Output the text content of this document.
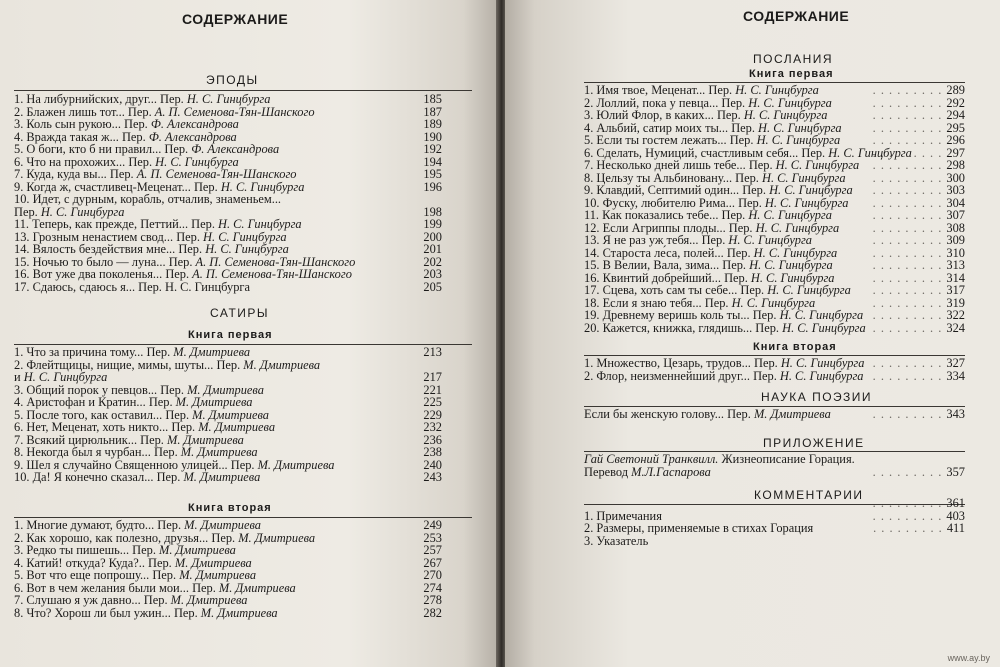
СОДЕРЖАНИЕ
ЭПОДЫ
1. На либурнийских, друг... Пер. Н. С. Гинцбурга	185
2. Блажен лишь тот... Пер. А. П. Семенова-Тян-Шанского	187
3. Коль сын рукою... Пер. Ф. Александрова	189
4. Вражда такая ж... Пер. Ф. Александрова	190
5. О боги, кто б ни правил... Пер. Ф. Александрова	192
6. Что на прохожих... Пер. Н. С. Гинцбурга	194
7. Куда, куда вы... Пер. А. П. Семенова-Тян-Шанского	195
9. Когда ж, счастливец-Меценат... Пер. Н. С. Гинцбурга	196
10. Идет, с дурным, корабль, отчалив, знаменьем...
Пер. Н. С. Гинцбурга	198
11. Теперь, как прежде, Петтий... Пер. Н. С. Гинцбурга	199
13. Грозным ненастием свод... Пер. Н. С. Гинцбурга	200
14. Вялость бездействия мне... Пер. Н. С. Гинцбурга	201
15. Ночью то было — луна... Пер. А. П. Семенова-Тян-Шанского	202
16. Вот уже два поколенья... Пер. А. П. Семенова-Тян-Шанского	203
17. Сдаюсь, сдаюсь я... Пер. Н. С. Гинцбурга	205
САТИРЫ
Книга первая
1. Что за причина тому... Пер. М. Дмитриева	213
2. Флейтщицы, нищие, мимы, шуты... Пер. М. Дмитриева
и Н. С. Гинцбурга	217
3. Общий порок у певцов... Пер. М. Дмитриева	221
4. Аристофан и Кратин... Пер. М. Дмитриева	225
5. После того, как оставил... Пер. М. Дмитриева	229
6. Нет, Меценат, хоть никто... Пер. М. Дмитриева	232
7. Всякий цирюльник... Пер. М. Дмитриева	236
8. Некогда был я чурбан... Пер. М. Дмитриева	238
9. Шел я случайно Священною улицей... Пер. М. Дмитриева	240
10. Да! Я конечно сказал... Пер. М. Дмитриева	243
Книга вторая
1. Многие думают, будто... Пер. М. Дмитриева	249
2. Как хорошо, как полезно, друзья... Пер. М. Дмитриева	253
3. Редко ты пишешь... Пер. М. Дмитриева	257
4. Катий! откуда? Куда?.. Пер. М. Дмитриева	267
5. Вот что еще попрошу... Пер. М. Дмитриева	270
6. Вот в чем желания были мои... Пер. М. Дмитриева	274
7. Слушаю я уж давно... Пер. М. Дмитриева	278
8. Что? Хорош ли был ужин... Пер. М. Дмитриева	282
СОДЕРЖАНИЕ
ПОСЛАНИЯ
Книга первая
1. Имя твое, Меценат... Пер. Н. С. Гинцбурга	. . . 289
2. Лоллий, пока у певца... Пер. Н. С. Гинцбурга	. . . 292
3. Юлий Флор, в каких... Пер. Н. С. Гинцбурга	. . . 294
4. Альбий, сатир моих ты... Пер. Н. С. Гинцбурга	. . . 295
5. Если ты гостем лежать... Пер. Н. С. Гинцбурга	. . . 296
6. Сделать, Нумиций, счастливым себя... Пер. Н. С. Гинцбурга	. . . 297
7. Несколько дней лишь тебе... Пер. Н. С. Гинцбурга	. . . 298
8. Цельзу ты Альбиновану... Пер. Н. С. Гинцбурга	. . . 300
9. Клавдий, Септимий один... Пер. Н. С. Гинцбурга	. . . 303
10. Фуску, любителю Рима... Пер. Н. С. Гинцбурга	. . . 304
11. Как показались тебе... Пер. Н. С. Гинцбурга	. . . 307
12. Если Агриппы плоды... Пер. Н. С. Гинцбурга	. . . 308
13. Я не раз уж тебя... Пер. Н. С. Гинцбурга	. . . 309
14. Староста ле́са, полей... Пер. Н. С. Гинцбурга	. . . 310
15. В Велии, Вала, зима... Пер. Н. С. Гинцбурга	. . . 313
16. Квинтий добрейший... Пер. Н. С. Гинцбурга	. . . 314
17. Сцева, хоть сам ты себе... Пер. Н. С. Гинцбурга	. . . 317
18. Если я знаю тебя... Пер. Н. С. Гинцбурга	. . . 319
19. Древнему веришь коль ты... Пер. Н. С. Гинцбурга	. . . 322
20. Кажется, книжка, глядишь... Пер. Н. С. Гинцбурга	. . . 324
Книга вторая
1. Множество, Цезарь, трудов... Пер. Н. С. Гинцбурга	. . . 327
2. Флор, неизменнейший друг... Пер. Н. С. Гинцбурга	. . . 334
НАУКА ПОЭЗИИ
Если бы женскую голову... Пер. М. Дмитриева	. . . 343
ПРИЛОЖЕНИЕ
Гай Светоний Транквилл. Жизнеописание Горация.
Перевод М.Л.Гаспарова	. . . 357
КОММЕНТАРИИ
. . . 361
1. Примечания	. . . 403
2. Размеры, применяемые в стихах Горация	. . . 411
3. Указатель
www.ay.by
